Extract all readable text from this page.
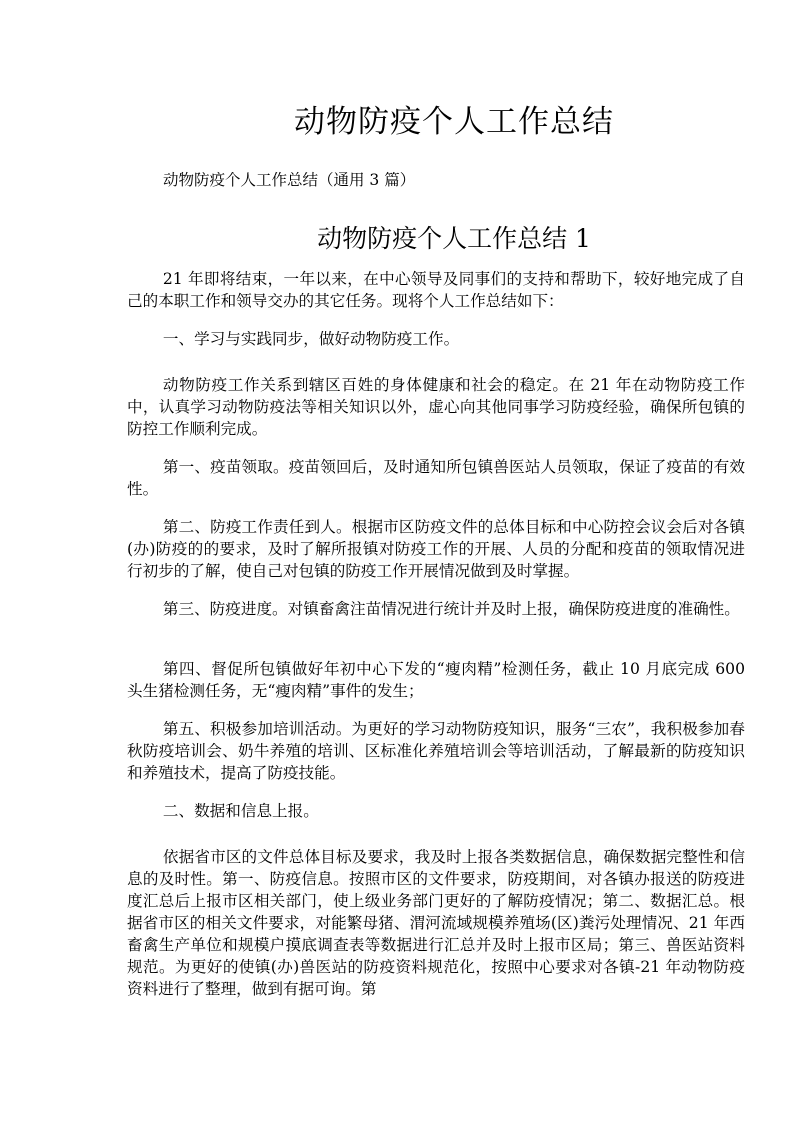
动物防疫个人工作总结

动物防疫个人工作总结（通用 3 篇）

动物防疫个人工作总结 1

21 年即将结束，一年以来，在中心领导及同事们的支持和帮助下，较好地完成了自己的本职工作和领导交办的其它任务。现将个人工作总结如下：

一、学习与实践同步，做好动物防疫工作。

动物防疫工作关系到辖区百姓的身体健康和社会的稳定。在 21 年在动物防疫工作中，认真学习动物防疫法等相关知识以外，虚心向其他同事学习防疫经验，确保所包镇的防控工作顺利完成。

第一、疫苗领取。疫苗领回后，及时通知所包镇兽医站人员领取，保证了疫苗的有效性。

第二、防疫工作责任到人。根据市区防疫文件的总体目标和中心防控会议会后对各镇(办)防疫的的要求，及时了解所报镇对防疫工作的开展、人员的分配和疫苗的领取情况进行初步的了解，使自己对包镇的防疫工作开展情况做到及时掌握。

第三、防疫进度。对镇畜禽注苗情况进行统计并及时上报，确保防疫进度的准确性。

第四、督促所包镇做好年初中心下发的“瘦肉精”检测任务，截止 10 月底完成 600 头生猪检测任务，无“瘦肉精”事件的发生；

第五、积极参加培训活动。为更好的学习动物防疫知识，服务“三农”，我积极参加春秋防疫培训会、奶牛养殖的培训、区标准化养殖培训会等培训活动，了解最新的防疫知识和养殖技术，提高了防疫技能。

二、数据和信息上报。

依据省市区的文件总体目标及要求，我及时上报各类数据信息，确保数据完整性和信息的及时性。第一、防疫信息。按照市区的文件要求，防疫期间，对各镇办报送的防疫进度汇总后上报市区相关部门，使上级业务部门更好的了解防疫情况；第二、数据汇总。根据省市区的相关文件要求，对能繁母猪、渭河流域规模养殖场(区)粪污处理情况、21 年西畜禽生产单位和规模户摸底调查表等数据进行汇总并及时上报市区局；第三、兽医站资料规范。为更好的使镇(办)兽医站的防疫资料规范化，按照中心要求对各镇-21 年动物防疫资料进行了整理，做到有据可询。第
